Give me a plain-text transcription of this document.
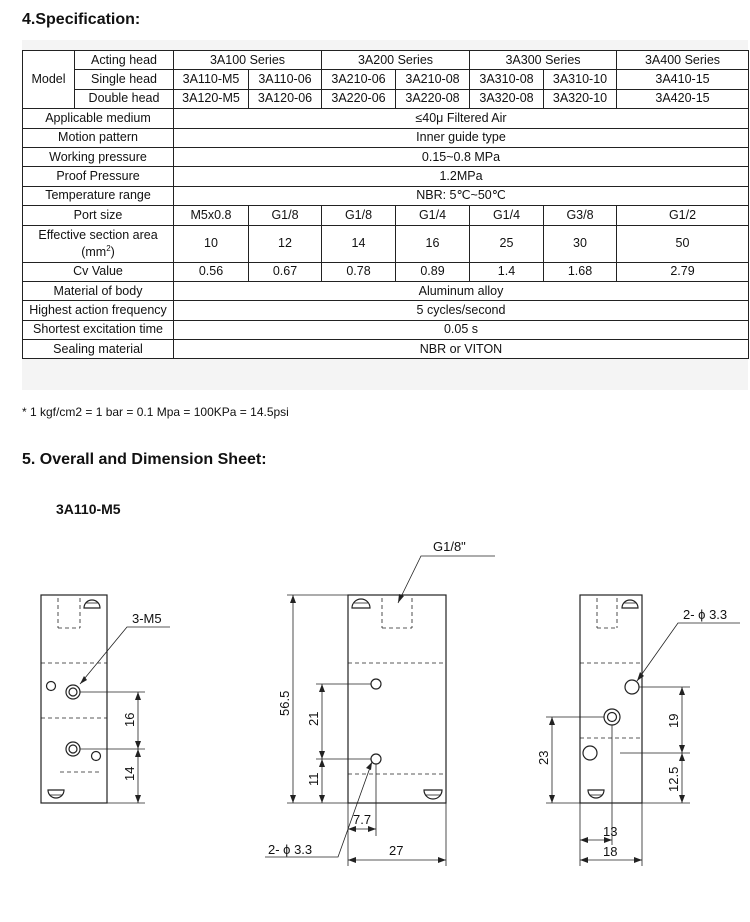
4.Specification:
Model	Acting head	3A100 Series		3A200 Series		3A300 Series		3A400 Series
	Single head	3A110-M5	3A110-06	3A210-06	3A210-08	3A310-08	3A310-10	3A410-15
	Double head	3A120-M5	3A120-06	3A220-06	3A220-08	3A320-08	3A320-10	3A420-15
Applicable medium		≤40μ Filtered Air						
Motion pattern		Inner guide type						
Working pressure		0.15~0.8 MPa						
Proof Pressure		1.2MPa						
Temperature range		NBR: 5℃~50℃						
Port size		M5x0.8	G1/8	G1/8	G1/4	G1/4	G3/8	G1/2
Effective section area
$(mm^2)$		10	12	14	16	25	30	50
Cv Value		0.56	0.67	0.78	0.89	1.4	1.68	2.79
Material of body		Aluminum alloy						
Highest action frequency		5 cycles/second						
Shortest excitation time		0.05 s						
Sealing material		NBR or VITON						
* 1 kgf/cm2 = 1 bar = 0.1 Mpa = 100KPa = 14.5psi
5. Overall and Dimension Sheet:
3A110-M5
3-M5
16
14
G1/8"
56.5
21
11
7.7
27
2- ϕ 3.3
2- ϕ 3.3
19
12.5
23
13
18
